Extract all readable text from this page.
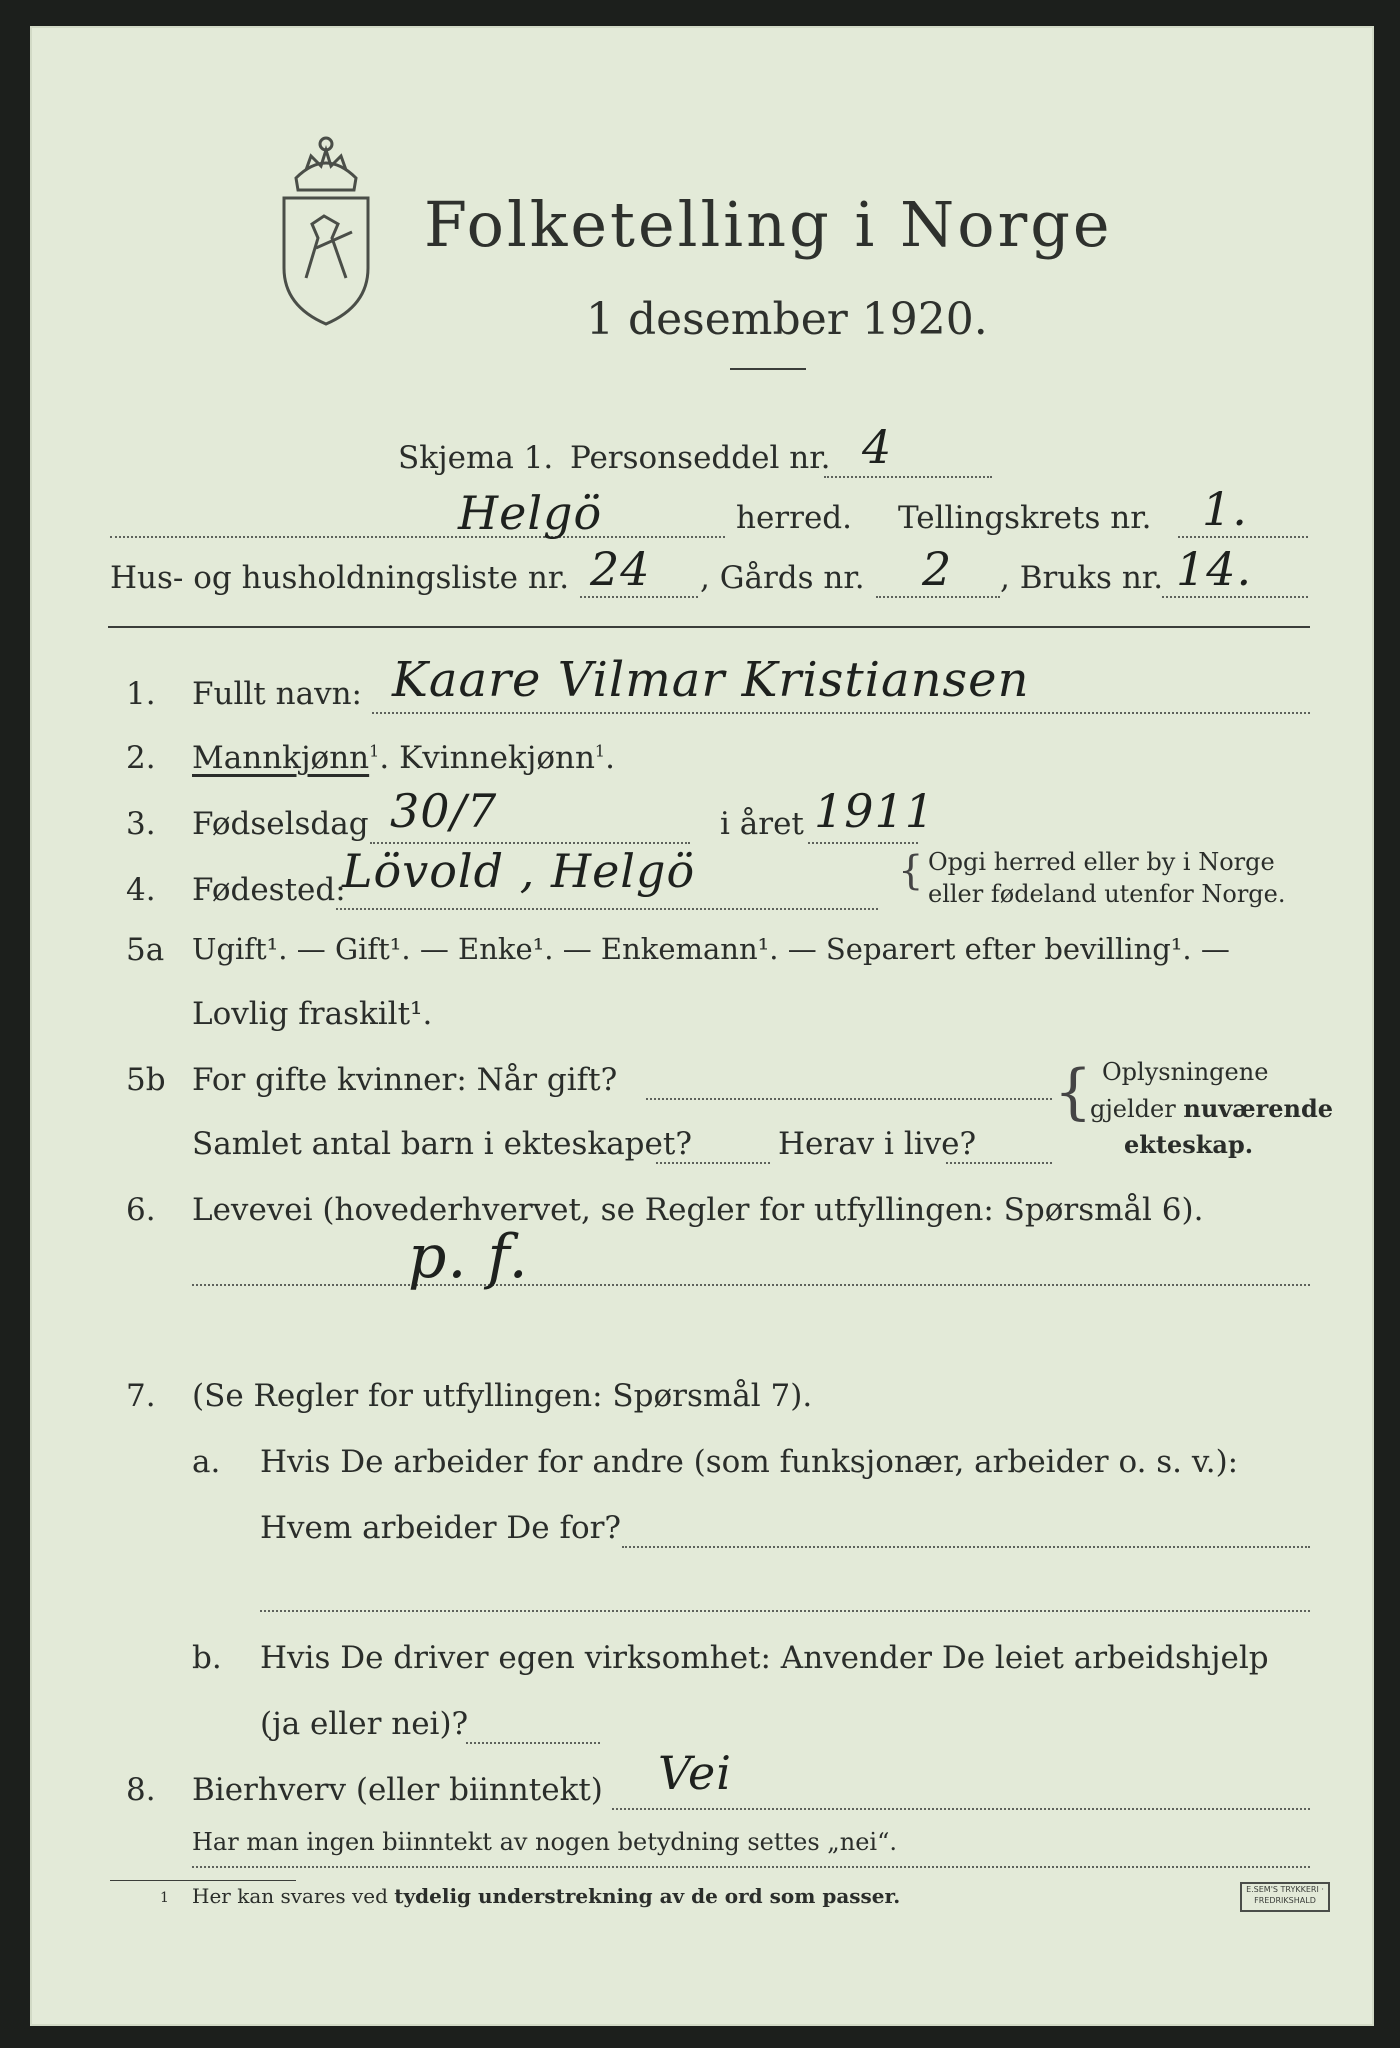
Folketelling i Norge
1 desember 1920.
Skjema 1. Personseddel nr. 4
Helgö	herred. Tellingskrets nr. 1.
Hus- og husholdningsliste nr. 24 , Gårds nr. 2 , Bruks nr. 14.
1. Fullt navn: Kaare Vilmar Kristiansen
2. Mannkjønn$^1$. Kvinnekjønn$^1$.
3. Fødselsdag 30/7	i året 1911
4. Fødested:
Lövold , Helgö	{ Opgi herred eller by i Norge
eller fødeland utenfor Norge.
5a Ugift¹. — Gift¹. — Enke¹. — Enkemann¹. — Separert efter bevilling¹. —
Lovlig fraskilt¹.
5b For gifte kvinner: Når gift?
Samlet antal barn i ekteskapet?	Herav i live?
{ Oplysningene
gjelder nuværende
ekteskap.
6. Levevei (hovederhvervet, se Regler for utfyllingen: Spørsmål 6).
p. f.
7. (Se Regler for utfyllingen: Spørsmål 7).
a. Hvis De arbeider for andre (som funksjonær, arbeider o. s. v.):
Hvem arbeider De for?
b. Hvis De driver egen virksomhet: Anvender De leiet arbeidshjelp
(ja eller nei)?
8. Bierhverv (eller biinntekt) Vei
Har man ingen biinntekt av nogen betydning settes „nei“.
1 Her kan svares ved tydelig understrekning av de ord som passer.	E.SEM'S TRYKKERI · FREDRIKSHALD
